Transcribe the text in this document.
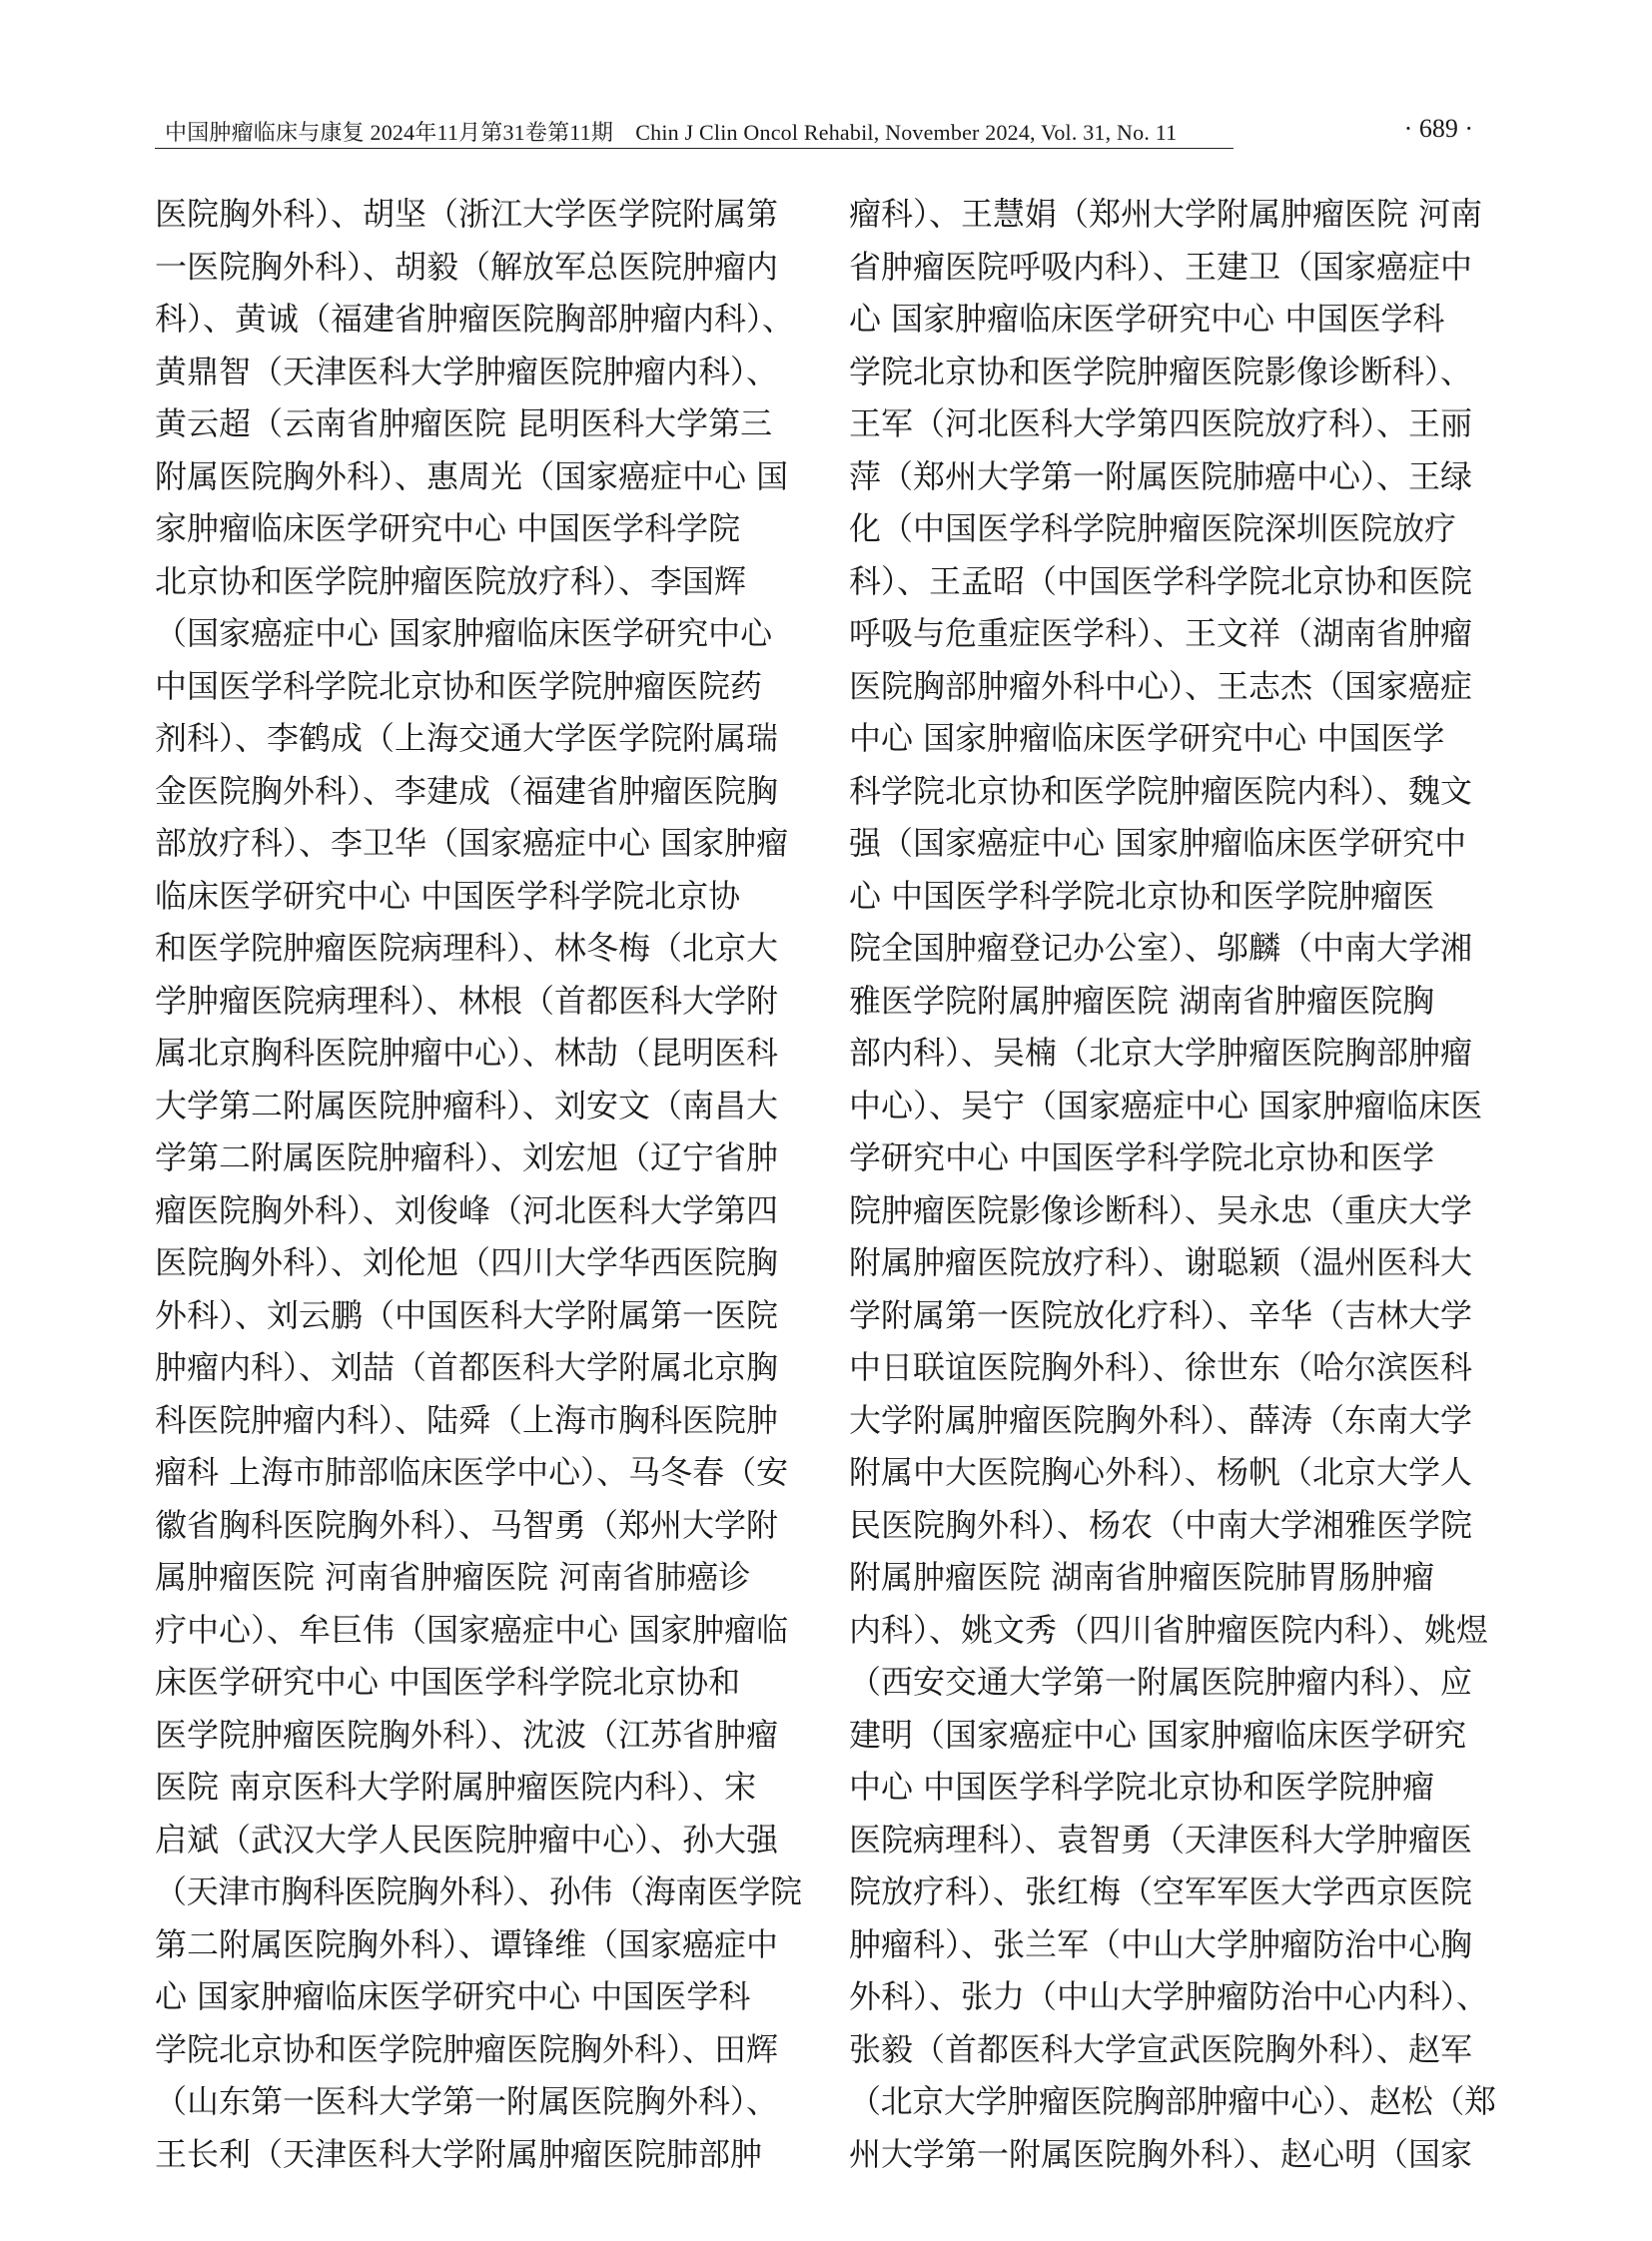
中国肿瘤临床与康复 2024年11月第31卷第11期　Chin J Clin Oncol Rehabil, November 2024, Vol. 31, No. 11	· 689 ·
医院胸外科）、胡坚（浙江大学医学院附属第
一医院胸外科）、胡毅（解放军总医院肿瘤内
科）、黄诚（福建省肿瘤医院胸部肿瘤内科）、
黄鼎智（天津医科大学肿瘤医院肿瘤内科）、
黄云超（云南省肿瘤医院 昆明医科大学第三
附属医院胸外科）、惠周光（国家癌症中心 国
家肿瘤临床医学研究中心 中国医学科学院
北京协和医学院肿瘤医院放疗科）、李国辉
（国家癌症中心 国家肿瘤临床医学研究中心
中国医学科学院北京协和医学院肿瘤医院药
剂科）、李鹤成（上海交通大学医学院附属瑞
金医院胸外科）、李建成（福建省肿瘤医院胸
部放疗科）、李卫华（国家癌症中心 国家肿瘤
临床医学研究中心 中国医学科学院北京协
和医学院肿瘤医院病理科）、林冬梅（北京大
学肿瘤医院病理科）、林根（首都医科大学附
属北京胸科医院肿瘤中心）、林劼（昆明医科
大学第二附属医院肿瘤科）、刘安文（南昌大
学第二附属医院肿瘤科）、刘宏旭（辽宁省肿
瘤医院胸外科）、刘俊峰（河北医科大学第四
医院胸外科）、刘伦旭（四川大学华西医院胸
外科）、刘云鹏（中国医科大学附属第一医院
肿瘤内科）、刘喆（首都医科大学附属北京胸
科医院肿瘤内科）、陆舜（上海市胸科医院肿
瘤科 上海市肺部临床医学中心）、马冬春（安
徽省胸科医院胸外科）、马智勇（郑州大学附
属肿瘤医院 河南省肿瘤医院 河南省肺癌诊
疗中心）、牟巨伟（国家癌症中心 国家肿瘤临
床医学研究中心 中国医学科学院北京协和
医学院肿瘤医院胸外科）、沈波（江苏省肿瘤
医院 南京医科大学附属肿瘤医院内科）、宋
启斌（武汉大学人民医院肿瘤中心）、孙大强
（天津市胸科医院胸外科）、孙伟（海南医学院
第二附属医院胸外科）、谭锋维（国家癌症中
心 国家肿瘤临床医学研究中心 中国医学科
学院北京协和医学院肿瘤医院胸外科）、田辉
（山东第一医科大学第一附属医院胸外科）、
王长利（天津医科大学附属肿瘤医院肺部肿
瘤科）、王慧娟（郑州大学附属肿瘤医院 河南
省肿瘤医院呼吸内科）、王建卫（国家癌症中
心 国家肿瘤临床医学研究中心 中国医学科
学院北京协和医学院肿瘤医院影像诊断科）、
王军（河北医科大学第四医院放疗科）、王丽
萍（郑州大学第一附属医院肺癌中心）、王绿
化（中国医学科学院肿瘤医院深圳医院放疗
科）、王孟昭（中国医学科学院北京协和医院
呼吸与危重症医学科）、王文祥（湖南省肿瘤
医院胸部肿瘤外科中心）、王志杰（国家癌症
中心 国家肿瘤临床医学研究中心 中国医学
科学院北京协和医学院肿瘤医院内科）、魏文
强（国家癌症中心 国家肿瘤临床医学研究中
心 中国医学科学院北京协和医学院肿瘤医
院全国肿瘤登记办公室）、邬麟（中南大学湘
雅医学院附属肿瘤医院 湖南省肿瘤医院胸
部内科）、吴楠（北京大学肿瘤医院胸部肿瘤
中心）、吴宁（国家癌症中心 国家肿瘤临床医
学研究中心 中国医学科学院北京协和医学
院肿瘤医院影像诊断科）、吴永忠（重庆大学
附属肿瘤医院放疗科）、谢聪颖（温州医科大
学附属第一医院放化疗科）、辛华（吉林大学
中日联谊医院胸外科）、徐世东（哈尔滨医科
大学附属肿瘤医院胸外科）、薛涛（东南大学
附属中大医院胸心外科）、杨帆（北京大学人
民医院胸外科）、杨农（中南大学湘雅医学院
附属肿瘤医院 湖南省肿瘤医院肺胃肠肿瘤
内科）、姚文秀（四川省肿瘤医院内科）、姚煜
（西安交通大学第一附属医院肿瘤内科）、应
建明（国家癌症中心 国家肿瘤临床医学研究
中心 中国医学科学院北京协和医学院肿瘤
医院病理科）、袁智勇（天津医科大学肿瘤医
院放疗科）、张红梅（空军军医大学西京医院
肿瘤科）、张兰军（中山大学肿瘤防治中心胸
外科）、张力（中山大学肿瘤防治中心内科）、
张毅（首都医科大学宣武医院胸外科）、赵军
（北京大学肿瘤医院胸部肿瘤中心）、赵松（郑
州大学第一附属医院胸外科）、赵心明（国家
